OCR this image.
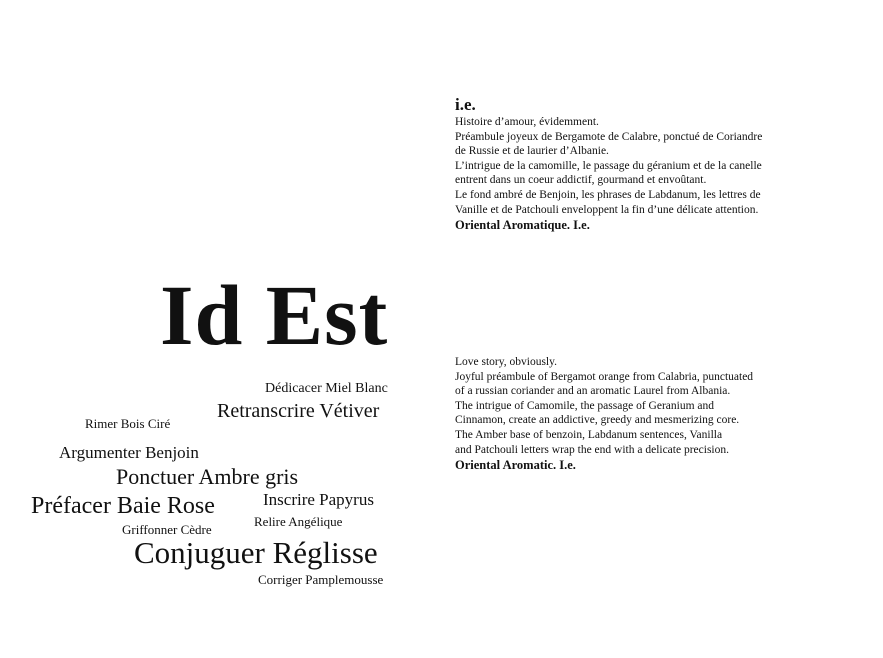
Id Est
Dédicacer Miel Blanc
Retranscrire Vétiver
Rimer Bois Ciré
Argumenter Benjoin
Ponctuer Ambre gris
Préfacer Baie Rose	Inscrire Papyrus
Griffonner Cèdre
Relire Angélique
Conjuguer Réglisse
Corriger Pamplemousse
i.e.
Histoire d’amour, évidemment.
Préambule joyeux de Bergamote de Calabre, ponctué de Coriandre
de Russie et de laurier d’Albanie.
L’intrigue de la camomille, le passage du géranium et de la canelle
entrent dans un coeur addictif, gourmand et envoûtant.
Le fond ambré de Benjoin, les phrases de Labdanum, les lettres de
Vanille et de Patchouli enveloppent la fin d’une délicate attention.
Oriental Aromatique. I.e.
Love story, obviously.
Joyful préambule of Bergamot orange from Calabria, punctuated
of a russian coriander and an aromatic Laurel from Albania.
The intrigue of Camomile, the passage of Geranium and
Cinnamon, create an addictive, greedy and mesmerizing core.
The Amber base of benzoin, Labdanum sentences, Vanilla
and Patchouli letters wrap the end with a delicate precision.
Oriental Aromatic. I.e.
